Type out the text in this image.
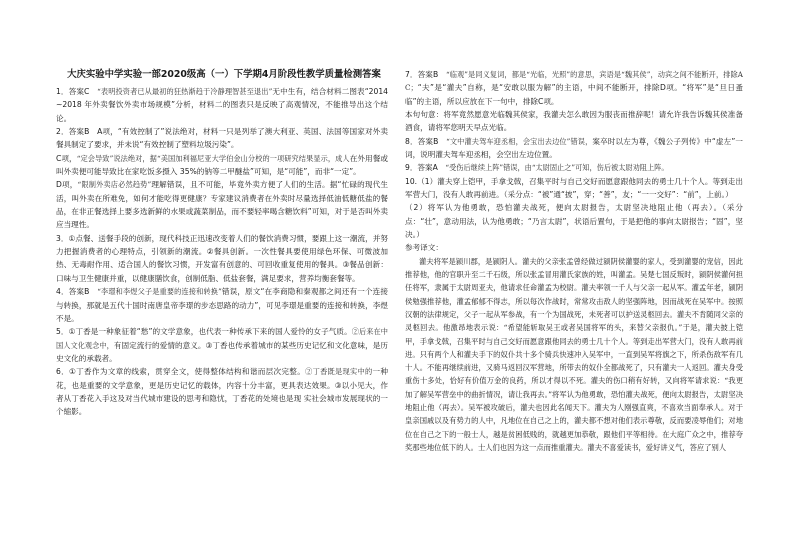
大庆实验中学实验一部2020级高（一）下学期4月阶段性教学质量检测答案

1．答案C　“表明投资者已从最初的狂热渐趋于冷静理智甚至退出”无中生有，结合材料二图表“2014~2018 年外卖餐饮外卖市场规模”分析，材料二的图表只是反映了高观情况，不能推导出这个结论。

2．答案B　A项，“有效控制了”说法绝对，材料一只是列举了澳大利亚、英国、法国等国家对外卖餐具制定了要求，并未说“有效控制了塑料垃圾污染”。

C项，“定会导致”说法绝对，据“美国加利福尼亚大学伯金山分校的一项研究结果显示，成人在外用餐或叫外卖便可能导致比在家吃饭多摄入 35%的钠等二甲醚盐”可知，是“可能”，而非“一定”。

D项，“限制外卖店必然趋势”理解错误，且不可能，毕竟外卖方便了人们的生活。据“忙碌的现代生活，叫外卖在所难免，如何才能吃得更健康？专家建议消费者在外卖时尽量选择低油低糖低盐的餐品，在非正餐选择上要多选新鲜的水果或蔬菜制品，而不要轻率喝含糖饮料”可知，对于是否叫外卖应当理性。

3．①点餐、送餐手段的创新，现代科技正迅速改变着人们的餐饮消费习惯，要跟上这一潮流，并努力把握消费者的心理特点，引领新的潮流。②餐具创新。一次性餐具要使用绿色环保、可微波加热、无毒耐作用、适合国人的餐饮习惯，开发富有创意的、可回收重复使用的餐具。③餐品创新：口味与卫生健康并重，以健康膳饮食，创制低脂、低盐套餐，满足要求，营养均衡套餐等。

4．答案B　“李璟和李煜父子是重要的连接和转换”错误，原文“在李商隐和秦观都之间还有一个连接与转换，那就是五代十国时南唐皇帝李璟的步态思路的动力”，可见李璟是重要的连接和转换，李煜不是。

5．①丁香是一种象征着“愁”的文学意象，也代表一种传承下来的国人爱怜的女子气质。②后来在中国人文化观念中，有固定流行的爱情的意义。③丁香也传承着城市的某些历史记忆和文化意味，是历史文化的承载者。

6．①丁香作为文章的线索，贯穿全文，使得整体结构和谐而层次完整。②丁香既是现实中的一种花，也是重要的文学意象，更是历史记忆的载体，内容十分丰富，更具表达效果。③以小见大，作者从丁香花入手这及对当代城市建设的思考和隐忧，丁香花的处境也是现 实社会城市发展现状的一个缩影。

7．答案B　“临观”是同义复词，都是“光临，光照”的意思，宾语是“魏其侯”，动宾之间不能断开，排除AC；“夫”是“灌夫”自称，是“安敢以服为解”的主语，中间不能断开，排除D项。“将军”是“旦日蚤临”的主语，所以应放在下一句中，排除C项。

本句句意：将军竟然愿意光临魏其侯家，我灌夫怎么敢因为服丧而推辞呢！请允许我告诉魏其侯准备酒食，请将军您明天早点光临。

8．答案B　“文中灌夫驾车迎丞相，会宝出去边位”错误，案卒时以左为尊，《魏公子列传》中“虚左”一词，说明灌夫驾车迎丞相，会空出左边位置。

9．答案A　“受伤后继续上阵”错误，由“太尉固止之”可知，伤后被太尉劝阻上阵。

10.（1）灌夫穿上铠甲，手拿戈戟，召集平时与自己交好而愿意跟他同去的勇士几十个人。等到走出军营大门，没有人敢再前进。（采分点：“被”通“披”，穿；“善”，友；“一一交好”：“前”，上前。）

（2）将军认为他勇敢，恐怕灌夫战死，便向太尉报告，太尉坚决地阻止他（再去）。（采分点：“壮”，意动用法，认为他勇敢；“乃言太尉”，状语后置句，于是把他的事向太尉报告；“固”，坚决。）

参考译文：

灌夫将军是颍川郡，是颍阴人。灌夫的父亲张孟曾经做过颍阴侯灌婴的家人，受到灌婴的宠信，因此推荐他，他的官职升至二千石级，所以张孟冒用灌氏家族的姓，叫灌孟。吴楚七国反叛时，颍阴侯灌何担任将军，隶属于太尉周亚夫，他请求任命灌孟为校尉。灌夫率领一千人与父亲一起从军。灌孟年老，颍阴侯勉强推荐他，灌孟郁郁不得志，所以每次作战时，常常攻击敌人的坚强阵地，因而战死在吴军中。按照汉朝的法律规定，父子一起从军参战，有一个为国战死，未死者可以护送灵柩回去。灌夫不肯随同父亲的灵柩回去。他激昂地表示说：“希望能斩取吴王或者吴国将军的头，来替父亲报仇。”于是，灌夫披上铠甲，手拿戈戟，召集平时与自己交好而愿意跟他同去的勇士几十个人。等到走出军营大门，没有人敢再前进。只有两个人和灌夫手下的奴仆共十多个骑兵快速冲入吴军中，一直到吴军将旗之下，所杀伤敌军有几十人。不能再继续前进，又骑马返回汉军营地，所带去的奴仆全都战死了，只有灌夫一人返回。灌夫身受重伤十多处，恰好有价值万金的良药，所以才得以不死。灌夫的伤口稍有好转，又向将军请求说：“我更加了解吴军营垒中的曲折情况，请让我再去。”将军认为他勇敢，恐怕灌夫战死，便向太尉报告，太尉坚决地阻止他（再去）。吴军被攻破后，灌夫也因此名闻天下。灌夫为人刚强直爽，不喜欢当面奉承人。对于皇亲国戚以及有势力的人中，凡地位在自己之上的，灌夫都不想对他们表示尊敬，反而要凌辱他们；对地位在自己之下的一般士人，越是贫困低贱的，就越更加恭敬，跟他们平等相待。在大庭广众之中，推荐夸奖那些地位低下的人。士人们也因为这一点而推重灌夫。灌夫不喜爱读书，爱好讲义气，答应了别人
